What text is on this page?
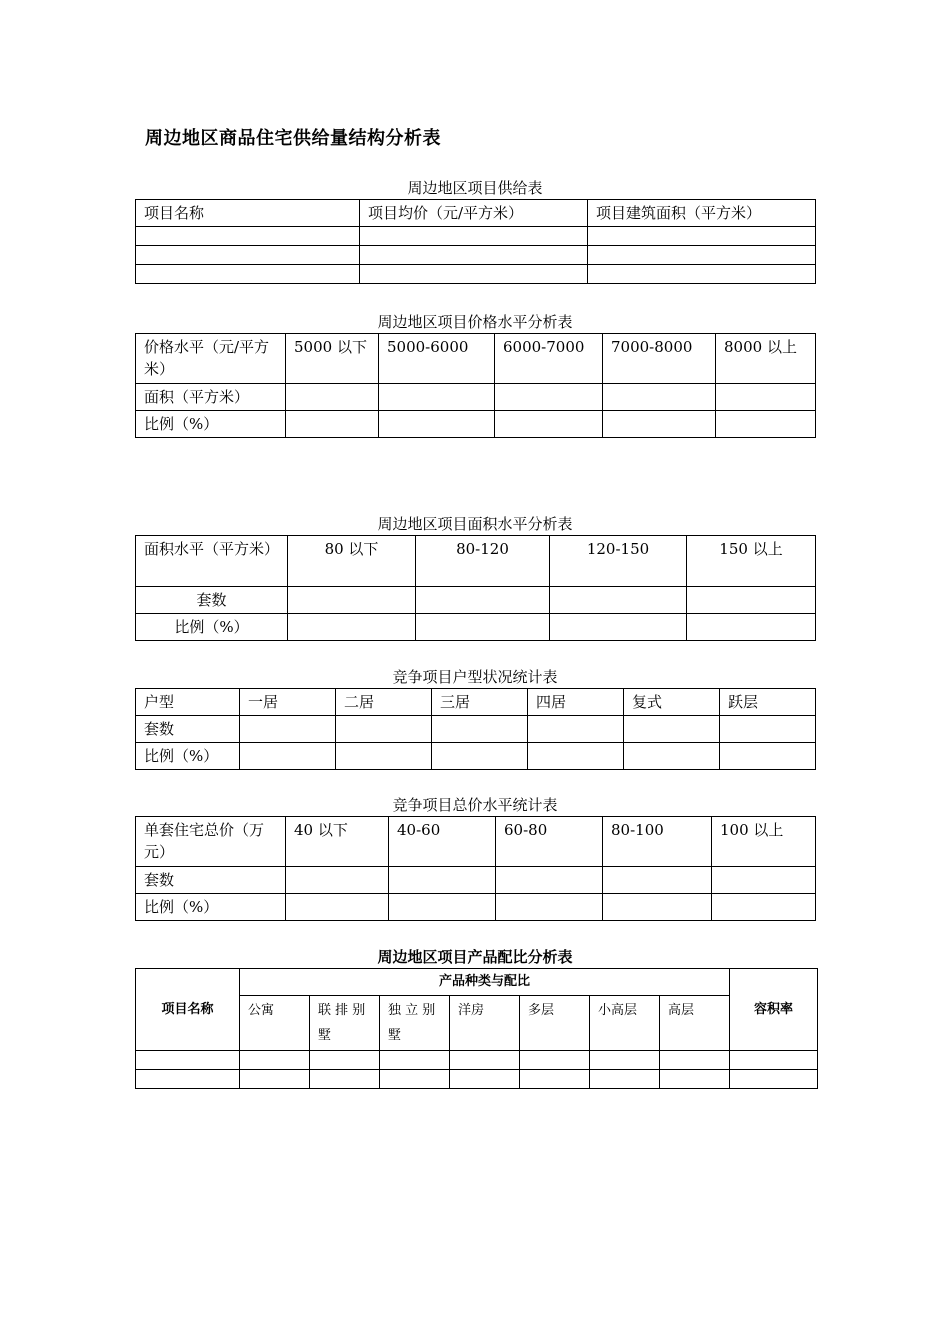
周边地区商品住宅供给量结构分析表
周边地区项目供给表
项目名称	项目均价（元/平方米）	项目建筑面积（平方米）

周边地区项目价格水平分析表
价格水平（元/平方米）	5000 以下	5000-6000	6000-7000	7000-8000	8000 以上
面积（平方米）					
比例（%）					
周边地区项目面积水平分析表
面积水平（平方米）	80 以下	80-120	120-150	150 以上
套数				
比例（%）				
竞争项目户型状况统计表
户型	一居	二居	三居	四居	复式	跃层
套数						
比例（%）						
竞争项目总价水平统计表
单套住宅总价（万元）	40 以下	40-60	60-80	80-100	100 以上
套数					
比例（%）					
周边地区项目产品配比分析表
项目名称	产品种类与配比							容积率
	公寓	联 排 别墅	独 立 别墅	洋房	多层	小高层	高层	
